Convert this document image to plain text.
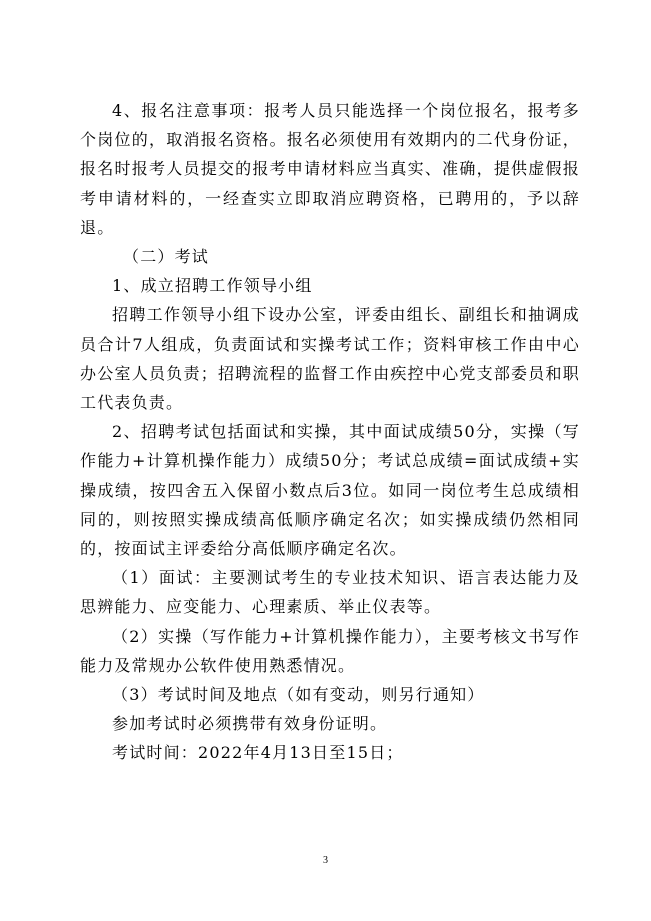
4、报名注意事项：报考人员只能选择一个岗位报名，报考多个岗位的，取消报名资格。报名必须使用有效期内的二代身份证，报名时报考人员提交的报考申请材料应当真实、准确，提供虚假报考申请材料的，一经查实立即取消应聘资格，已聘用的，予以辞退。

（二）考试

1、成立招聘工作领导小组

招聘工作领导小组下设办公室，评委由组长、副组长和抽调成员合计7人组成，负责面试和实操考试工作；资料审核工作由中心办公室人员负责；招聘流程的监督工作由疾控中心党支部委员和职工代表负责。

2、招聘考试包括面试和实操，其中面试成绩50分，实操（写作能力+计算机操作能力）成绩50分；考试总成绩=面试成绩+实操成绩，按四舍五入保留小数点后3位。如同一岗位考生总成绩相同的，则按照实操成绩高低顺序确定名次；如实操成绩仍然相同的，按面试主评委给分高低顺序确定名次。

（1）面试：主要测试考生的专业技术知识、语言表达能力及思辨能力、应变能力、心理素质、举止仪表等。

（2）实操（写作能力+计算机操作能力），主要考核文书写作能力及常规办公软件使用熟悉情况。

（3）考试时间及地点（如有变动，则另行通知）

参加考试时必须携带有效身份证明。

考试时间：2022年4月13日至15日；

3
